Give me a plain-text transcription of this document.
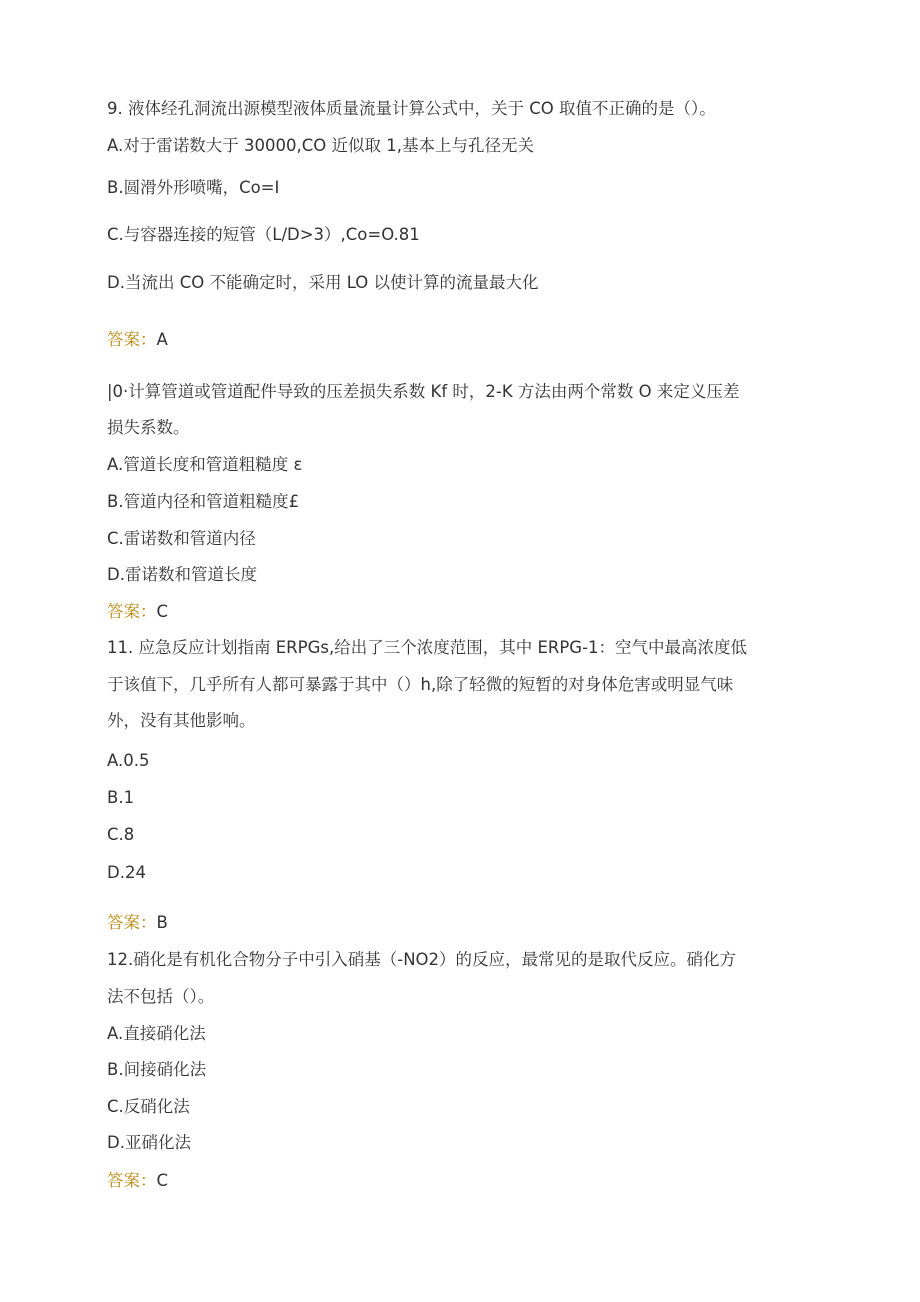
9. 液体经孔洞流出源模型液体质量流量计算公式中，关于 CO 取值不正确的是（）。
A.对于雷诺数大于 30000,CO 近似取 1,基本上与孔径无关
B.圆滑外形喷嘴，Co=I
C.与容器连接的短管（L/D>3）,Co=O.81
D.当流出 CO 不能确定时，采用 LO 以使计算的流量最大化
答案：A
|0·计算管道或管道配件导致的压差损失系数 Kf 时，2-K 方法由两个常数 O 来定义压差
损失系数。
A.管道长度和管道粗糙度 ε
B.管道内径和管道粗糙度£
C.雷诺数和管道内径
D.雷诺数和管道长度
答案：C
11. 应急反应计划指南 ERPGs,给出了三个浓度范围，其中 ERPG-1：空气中最高浓度低
于该值下，几乎所有人都可暴露于其中（）h,除了轻微的短暂的对身体危害或明显气味
外，没有其他影响。
A.0.5
B.1
C.8
D.24
答案：B
12.硝化是有机化合物分子中引入硝基（-NO2）的反应，最常见的是取代反应。硝化方
法不包括（）。
A.直接硝化法
B.间接硝化法
C.反硝化法
D.亚硝化法
答案：C
